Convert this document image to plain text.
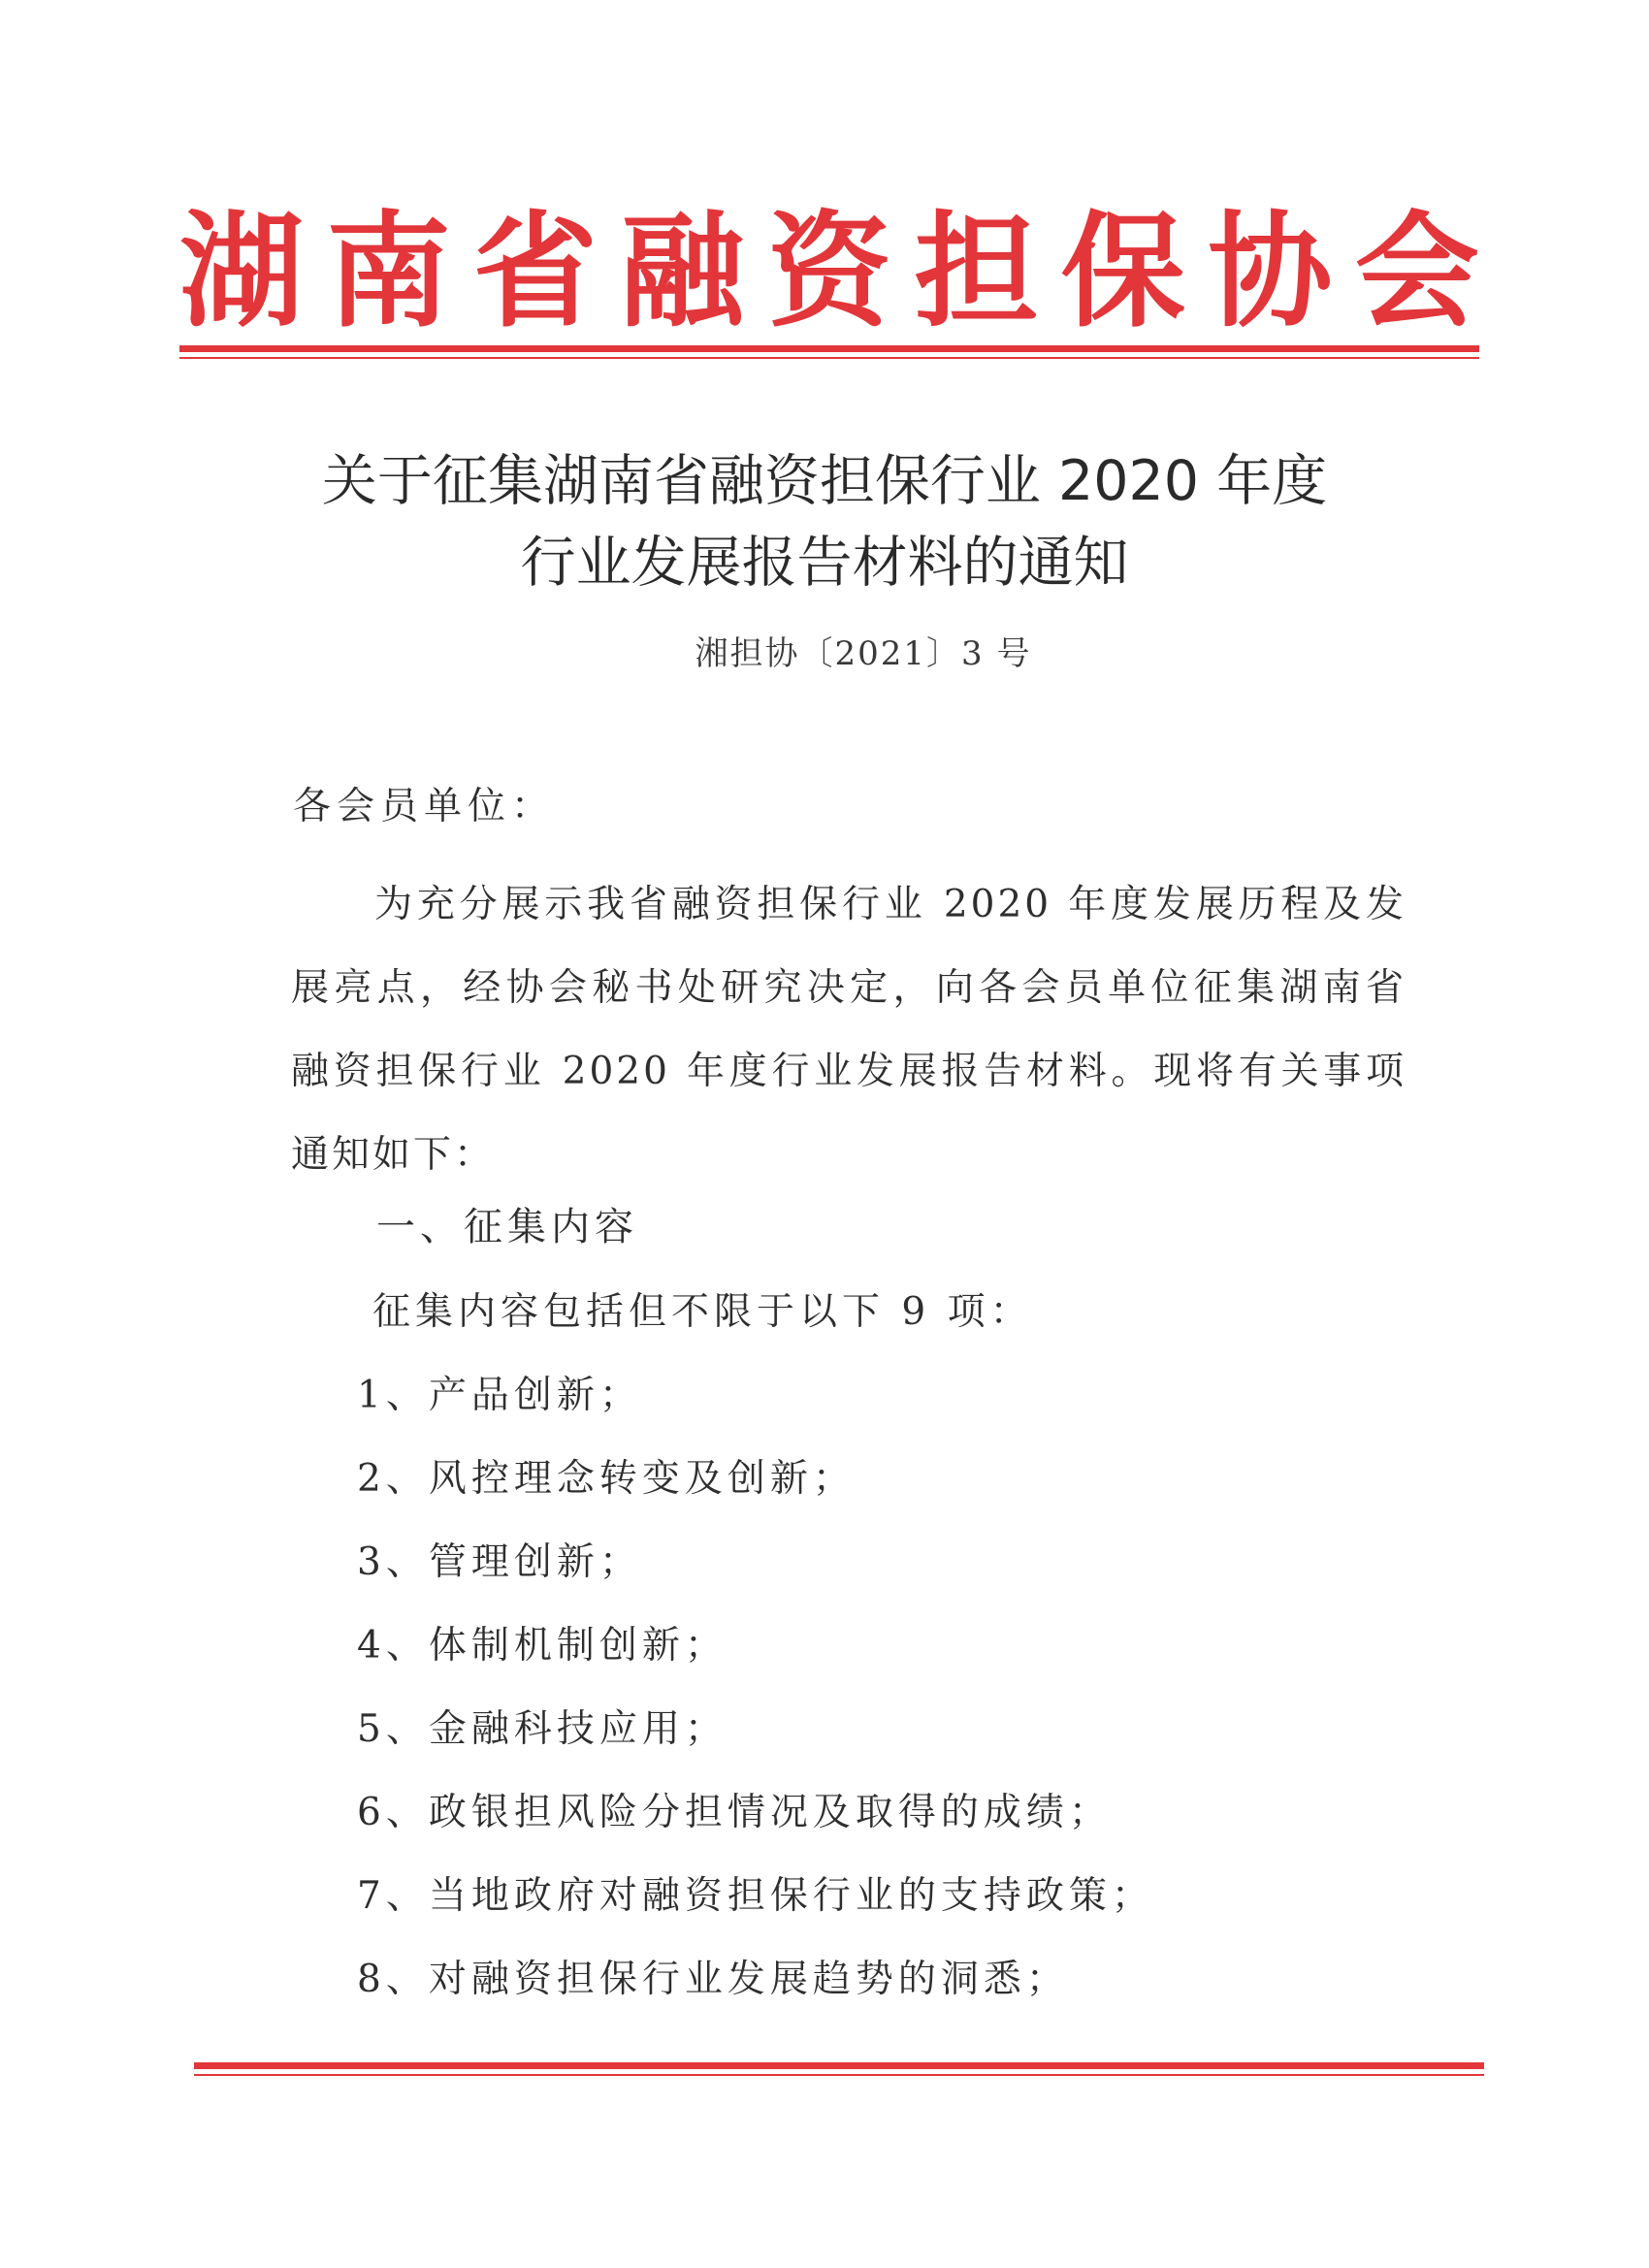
湖 南 省 融 资 担 保 协 会
关于征集湖南省融资担保行业 2020 年度
行业发展报告材料的通知
湘担协〔2021〕3 号
各会员单位：
为充分展示我省融资担保行业 2020 年度发展历程及发
展亮点，经协会秘书处研究决定，向各会员单位征集湖南省
融资担保行业 2020 年度行业发展报告材料。现将有关事项
通知如下：
一、征集内容
征集内容包括但不限于以下 9 项：
1、产品创新；
2、风控理念转变及创新；
3、管理创新；
4、体制机制创新；
5、金融科技应用；
6、政银担风险分担情况及取得的成绩；
7、当地政府对融资担保行业的支持政策；
8、对融资担保行业发展趋势的洞悉；
